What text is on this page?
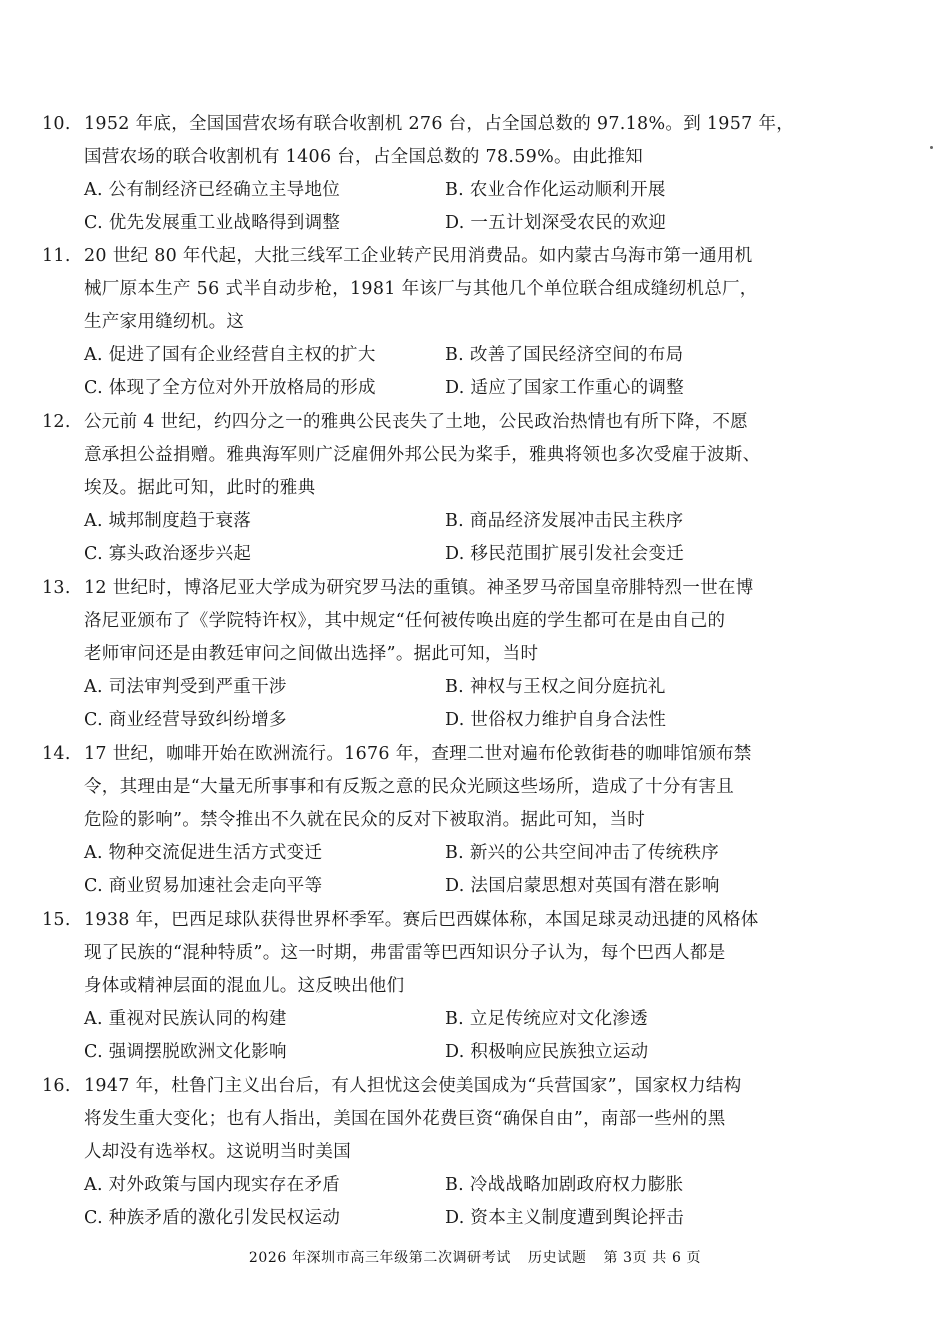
10. 1952 年底，全国国营农场有联合收割机 276 台，占全国总数的 97.18%。到 1957 年，
国营农场的联合收割机有 1406 台，占全国总数的 78.59%。由此推知
A. 公有制经济已经确立主导地位	B. 农业合作化运动顺利开展
C. 优先发展重工业战略得到调整	D. 一五计划深受农民的欢迎
11. 20 世纪 80 年代起，大批三线军工企业转产民用消费品。如内蒙古乌海市第一通用机
械厂原本生产 56 式半自动步枪，1981 年该厂与其他几个单位联合组成缝纫机总厂，
生产家用缝纫机。这
A. 促进了国有企业经营自主权的扩大	B. 改善了国民经济空间的布局
C. 体现了全方位对外开放格局的形成	D. 适应了国家工作重心的调整
12. 公元前 4 世纪，约四分之一的雅典公民丧失了土地，公民政治热情也有所下降，不愿
意承担公益捐赠。雅典海军则广泛雇佣外邦公民为桨手，雅典将领也多次受雇于波斯、
埃及。据此可知，此时的雅典
A. 城邦制度趋于衰落	B. 商品经济发展冲击民主秩序
C. 寡头政治逐步兴起	D. 移民范围扩展引发社会变迁
13. 12 世纪时，博洛尼亚大学成为研究罗马法的重镇。神圣罗马帝国皇帝腓特烈一世在博
洛尼亚颁布了《学院特许权》，其中规定“任何被传唤出庭的学生都可在是由自己的
老师审问还是由教廷审问之间做出选择”。据此可知，当时
A. 司法审判受到严重干涉	B. 神权与王权之间分庭抗礼
C. 商业经营导致纠纷增多	D. 世俗权力维护自身合法性
14. 17 世纪，咖啡开始在欧洲流行。1676 年，查理二世对遍布伦敦街巷的咖啡馆颁布禁
令，其理由是“大量无所事事和有反叛之意的民众光顾这些场所，造成了十分有害且
危险的影响”。禁令推出不久就在民众的反对下被取消。据此可知，当时
A. 物种交流促进生活方式变迁	B. 新兴的公共空间冲击了传统秩序
C. 商业贸易加速社会走向平等	D. 法国启蒙思想对英国有潜在影响
15. 1938 年，巴西足球队获得世界杯季军。赛后巴西媒体称，本国足球灵动迅捷的风格体
现了民族的“混种特质”。这一时期，弗雷雷等巴西知识分子认为，每个巴西人都是
身体或精神层面的混血儿。这反映出他们
A. 重视对民族认同的构建	B. 立足传统应对文化渗透
C. 强调摆脱欧洲文化影响	D. 积极响应民族独立运动
16. 1947 年，杜鲁门主义出台后，有人担忧这会使美国成为“兵营国家”，国家权力结构
将发生重大变化；也有人指出，美国在国外花费巨资“确保自由”，南部一些州的黑
人却没有选举权。这说明当时美国
A. 对外政策与国内现实存在矛盾	B. 冷战战略加剧政府权力膨胀
C. 种族矛盾的激化引发民权运动	D. 资本主义制度遭到舆论抨击
2026 年深圳市高三年级第二次调研考试 历史试题 第 3页 共 6 页
